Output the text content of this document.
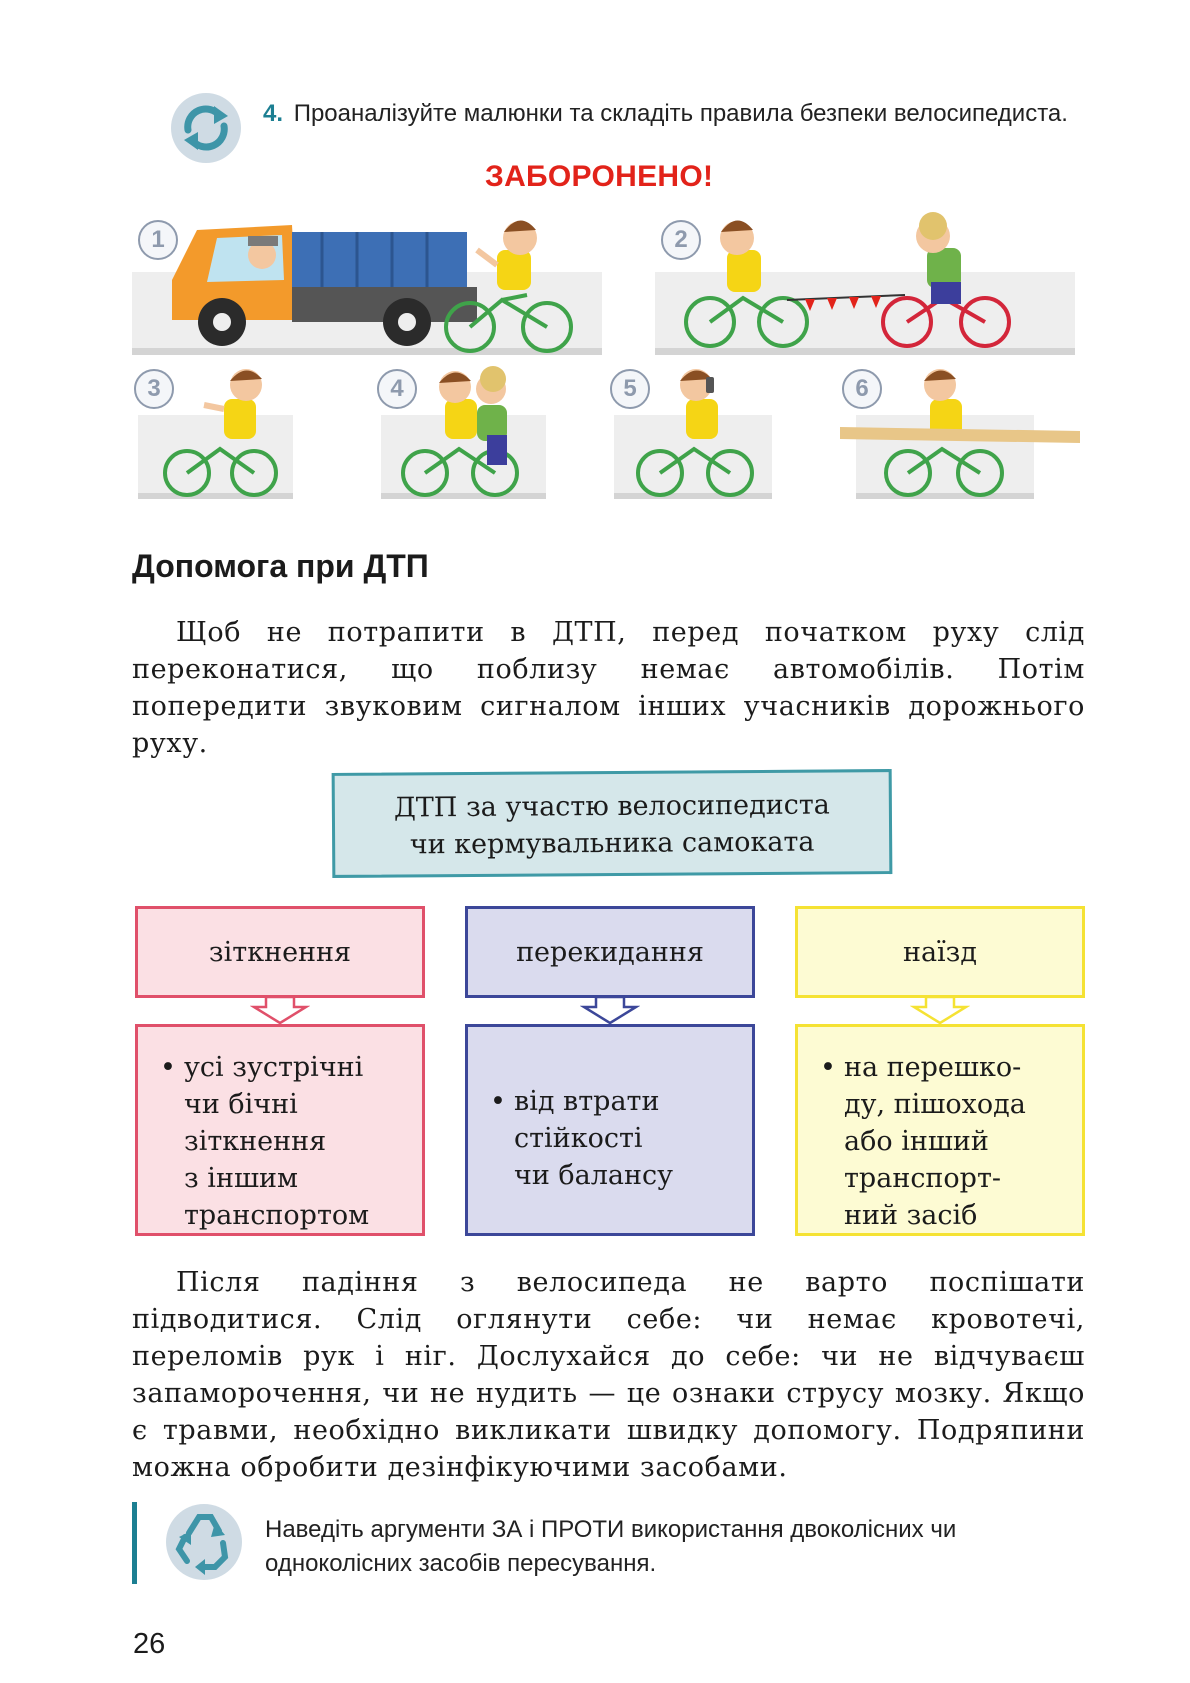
4. Проаналізуйте малюнки та складіть правила безпеки велосипедиста.
ЗАБОРОНЕНО!
1	2
3	4	5	6
Допомога при ДТП
Щоб не потрапити в ДТП, перед початком руху слід переконатися, що поблизу немає автомобілів. Потім попередити звуковим сигналом інших учасників дорожнього руху.
ДТП за участю велосипедиста
чи кермувальника самоката
зіткнення	перекидання	наїзд
• усі зустрічні
чи бічні
зіткнення
з іншим
транспортом
• від втрати
стійкості
чи балансу
• на перешко-
ду, пішохода
або інший
транспорт-
ний засіб
Після падіння з велосипеда не варто поспішати підводитися. Слід оглянути себе: чи немає кровотечі, переломів рук і ніг. Дослухайся до себе: чи не відчуваєш запаморочення, чи не нудить — це ознаки струсу мозку. Якщо є травми, необхідно викликати швидку допомогу. Подряпини можна обробити дезінфікуючими засобами.
Наведіть аргументи ЗА і ПРОТИ використання двоколісних чи одноколісних засобів пересування.
26
